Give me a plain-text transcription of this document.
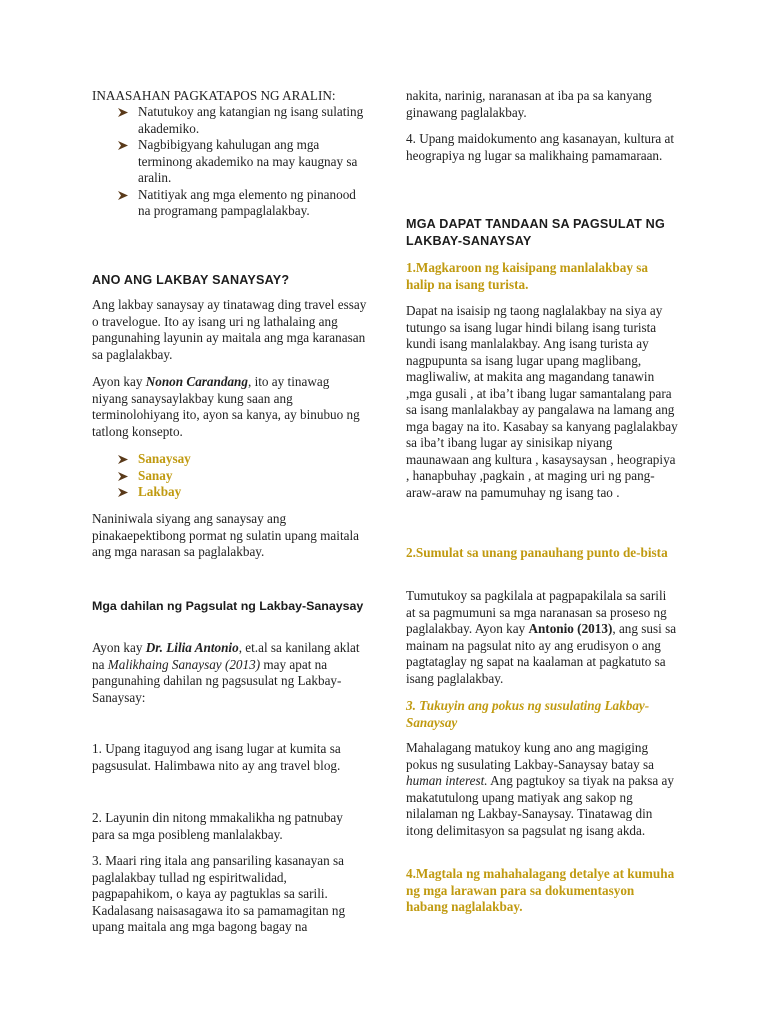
INAASAHAN PAGKATAPOS NG ARALIN:

Natutukoy ang katangian ng isang sulating akademiko.
Nagbibigyang kahulugan ang mga terminong akademiko na may kaugnay sa aralin.
Natitiyak ang mga elemento ng pinanood na programang pampaglalakbay.

ANO ANG LAKBAY SANAYSAY?

Ang lakbay sanaysay ay tinatawag ding travel essay o travelogue. Ito ay isang uri ng lathalaing ang pangunahing layunin ay maitala ang mga karanasan sa paglalakbay.

Ayon kay Nonon Carandang, ito ay tinawag niyang sanaysaylakbay kung saan ang terminolohiyang ito, ayon sa kanya, ay binubuo ng tatlong konsepto.

Sanaysay
Sanay
Lakbay

Naniniwala siyang ang sanaysay ang pinakaepektibong pormat ng sulatin upang maitala ang mga narasan sa paglalakbay.

Mga dahilan ng Pagsulat ng Lakbay-Sanaysay

Ayon kay Dr. Lilia Antonio, et.al sa kanilang aklat na Malikhaing Sanaysay (2013) may apat na pangunahing dahilan ng pagsusulat ng Lakbay-Sanaysay:

1. Upang itaguyod ang isang lugar at kumita sa pagsusulat. Halimbawa nito ay ang travel blog.

2. Layunin din nitong mmakalikha ng patnubay para sa mga posibleng manlalakbay.

3. Maari ring itala ang pansariling kasanayan sa paglalakbay tullad ng espiritwalidad, pagpapahikom, o kaya ay pagtuklas sa sarili. Kadalasang naisasagawa ito sa pamamagitan ng upang maitala ang mga bagong bagay na

nakita, narinig, naranasan at iba pa sa kanyang ginawang paglalakbay.

4. Upang maidokumento ang kasanayan, kultura at heograpiya ng lugar sa malikhaing pamamaraan.

MGA DAPAT TANDAAN SA PAGSULAT NG LAKBAY-SANAYSAY

1.Magkaroon ng kaisipang manlalakbay sa halip na isang turista.

Dapat na isaisip ng taong naglalakbay na siya ay tutungo sa isang lugar hindi bilang isang turista kundi isang manlalakbay. Ang isang turista ay nagpupunta sa isang lugar upang maglibang, magliwaliw, at makita ang magandang tanawin ,mga gusali , at iba’t ibang lugar samantalang para sa isang manlalakbay ay pangalawa na lamang ang mga bagay na ito. Kasabay sa kanyang paglalakbay sa iba’t ibang lugar ay sinisikap niyang maunawaan ang kultura , kasaysaysan , heograpiya , hanapbuhay ,pagkain , at maging uri ng pang-araw-araw na pamumuhay ng isang tao .

2.Sumulat sa unang panauhang punto de-bista

Tumutukoy sa pagkilala at pagpapakilala sa sarili at sa pagmumuni sa mga naranasan sa proseso ng paglalakbay. Ayon kay Antonio (2013), ang susi sa mainam na pagsulat nito ay ang erudisyon o ang pagtataglay ng sapat na kaalaman at pagkatuto sa isang paglalakbay.

3. Tukuyin ang pokus ng susulating Lakbay-Sanaysay

Mahalagang matukoy kung ano ang magiging pokus ng susulating Lakbay-Sanaysay batay sa human interest. Ang pagtukoy sa tiyak na paksa ay makatutulong upang matiyak ang sakop ng nilalaman ng Lakbay-Sanaysay. Tinatawag din itong delimitasyon sa pagsulat ng isang akda.

4.Magtala ng mahahalagang detalye at kumuha ng mga larawan para sa dokumentasyon habang naglalakbay.
